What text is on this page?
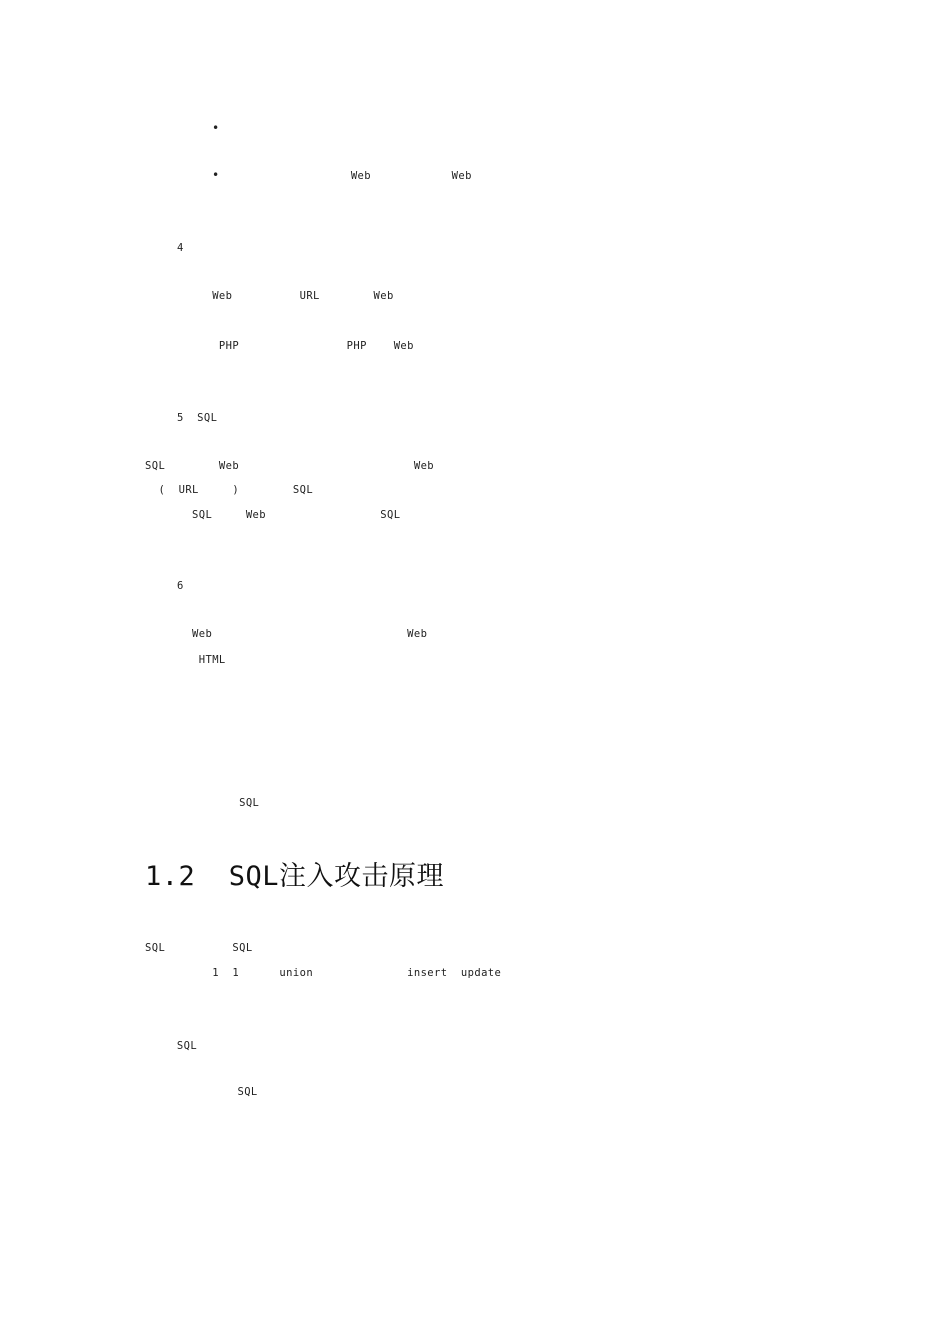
•

•	Web            Web

4
Web          URL        Web

PHP                PHP    Web

5  SQL
SQL        Web                          Web
(  URL     )        SQL
SQL     Web                 SQL

6
Web                             Web
HTML

SQL

1.2  SQL注入攻击原理
SQL          SQL
1  1      union              insert  update

SQL
SQL
